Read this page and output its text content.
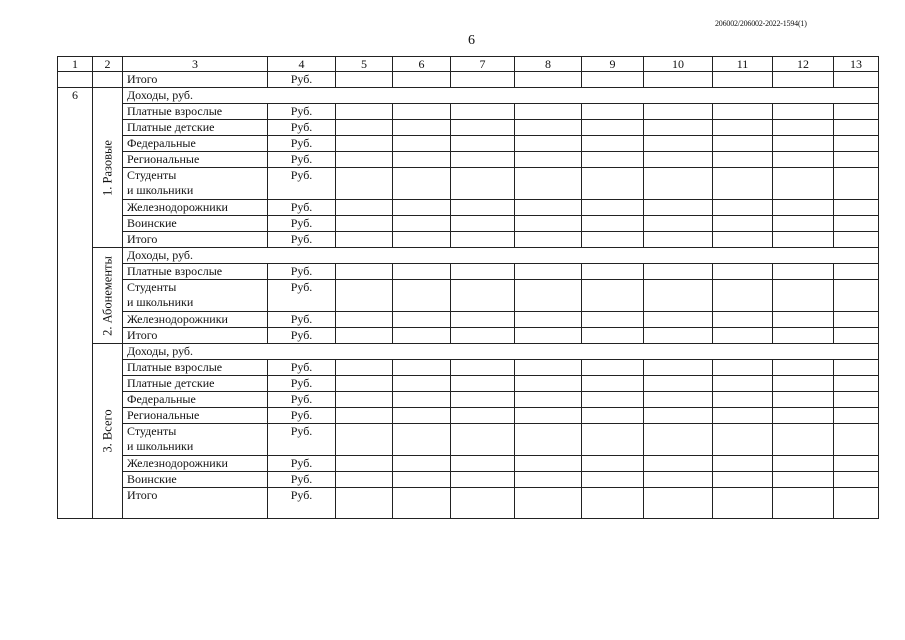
206002/206002-2022-1594(1)
6
1	2	3	4	5	6	7	8	9	10	11	12	13
		Итого	Руб.									
6	1. Разовые	Доходы, руб.										
		Платные взрослые	Руб.									
		Платные детские	Руб.									
		Федеральные	Руб.									
		Региональные	Руб.									
		Студенты
и школьники	Руб.									
		Железнодорожники	Руб.									
		Воинские	Руб.									
		Итого	Руб.									

	2. Абонементы	Доходы, руб.										
		Платные взрослые	Руб.									
		Студенты
и школьники	Руб.									
		Железнодорожники	Руб.									
		Итого	Руб.									

	3. Всего	Доходы, руб.										
		Платные взрослые	Руб.									
		Платные детские	Руб.									
		Федеральные	Руб.									
		Региональные	Руб.									
		Студенты
и школьники	Руб.									
		Железнодорожники	Руб.									
		Воинские	Руб.									
		Итого	Руб.									
